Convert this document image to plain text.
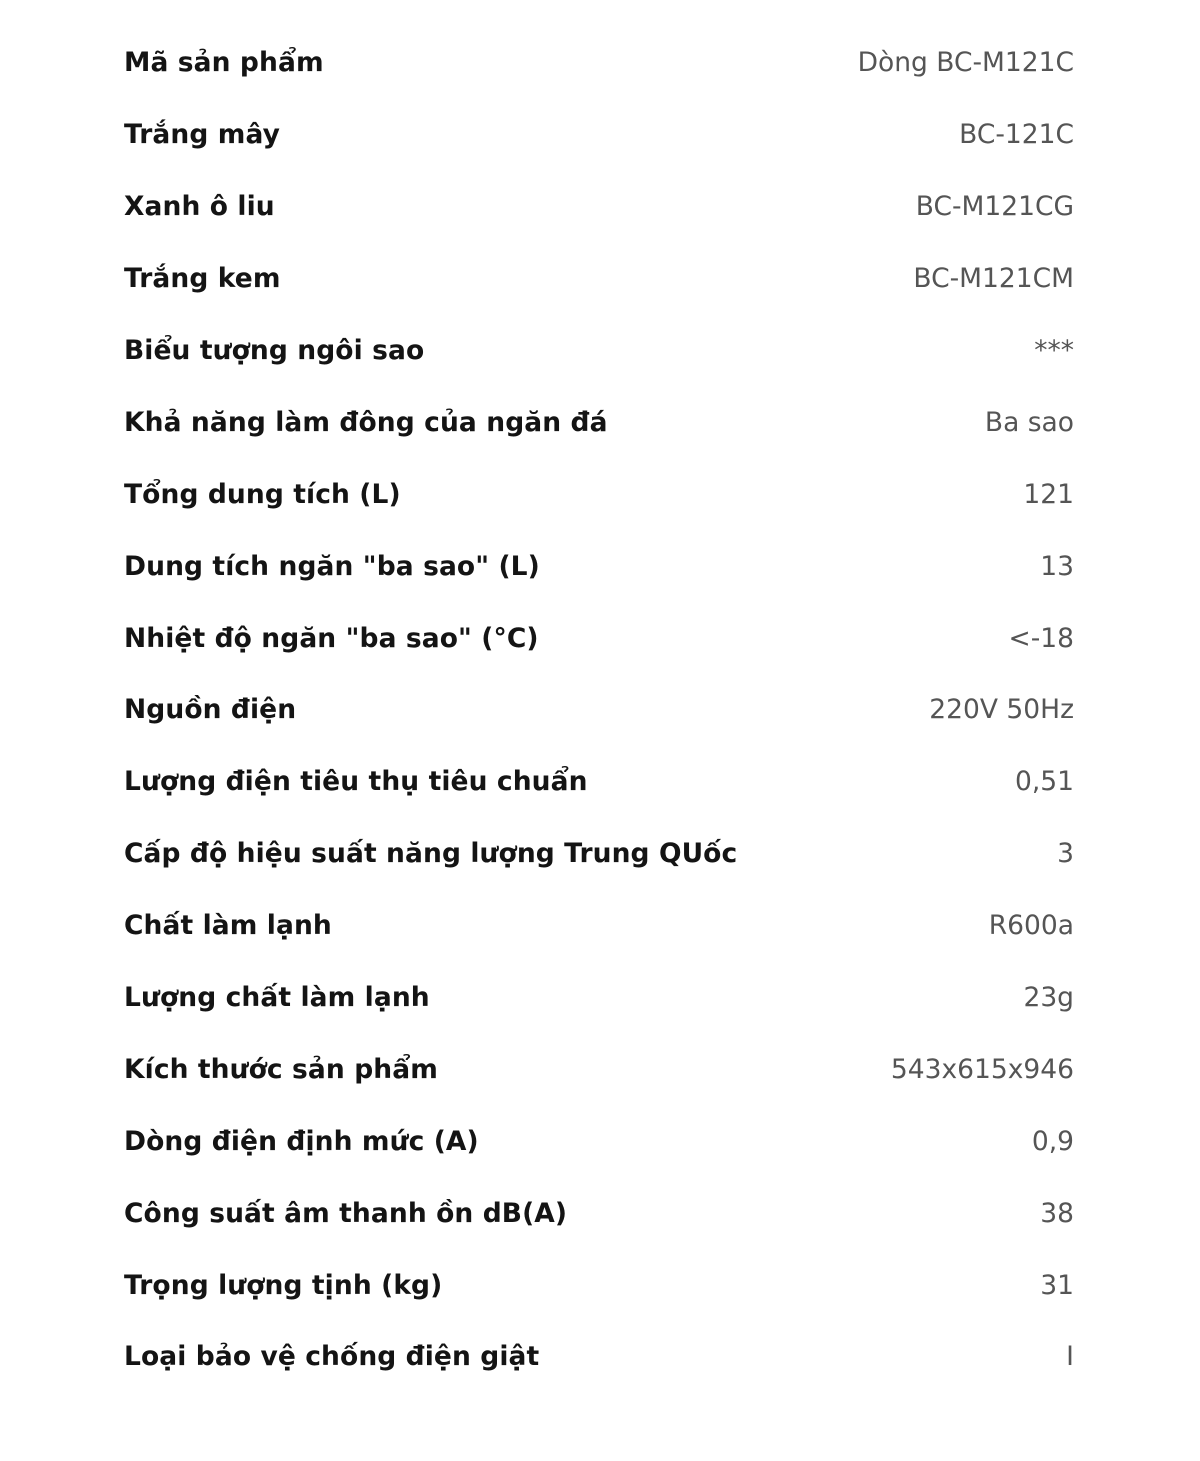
Mã sản phẩm	Dòng BC-M121C
Trắng mây	BC-121C
Xanh ô liu	BC-M121CG
Trắng kem	BC-M121CM
Biểu tượng ngôi sao	***
Khả năng làm đông của ngăn đá	Ba sao
Tổng dung tích (L)	121
Dung tích ngăn "ba sao" (L)	13
Nhiệt độ ngăn "ba sao" (°C)	<-18
Nguồn điện	220V 50Hz
Lượng điện tiêu thụ tiêu chuẩn	0,51
Cấp độ hiệu suất năng lượng Trung QUốc	3
Chất làm lạnh	R600a
Lượng chất làm lạnh	23g
Kích thước sản phẩm	543x615x946
Dòng điện định mức (A)	0,9
Công suất âm thanh ồn dB(A)	38
Trọng lượng tịnh (kg)	31
Loại bảo vệ chống điện giật	I
